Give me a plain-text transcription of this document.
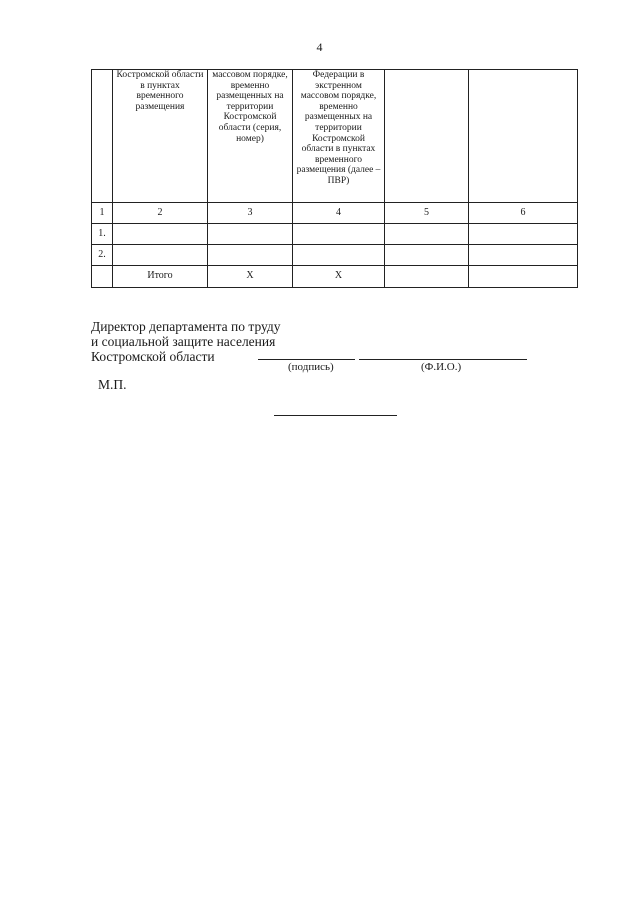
4

	Костромской области в пунктах временного размещения	массовом порядке, временно размещенных на территории Костромской области (серия, номер)	Федерации в экстренном массовом порядке, временно размещенных на территории Костромской области в пунктах временного размещения (далее – ПВР)		

1	2	3	4	5	6
1.					
2.					
	Итого	X	X		
Директор департамента по труду
и социальной защите населения
Костромской области
(подпись)	(Ф.И.О.)
М.П.
